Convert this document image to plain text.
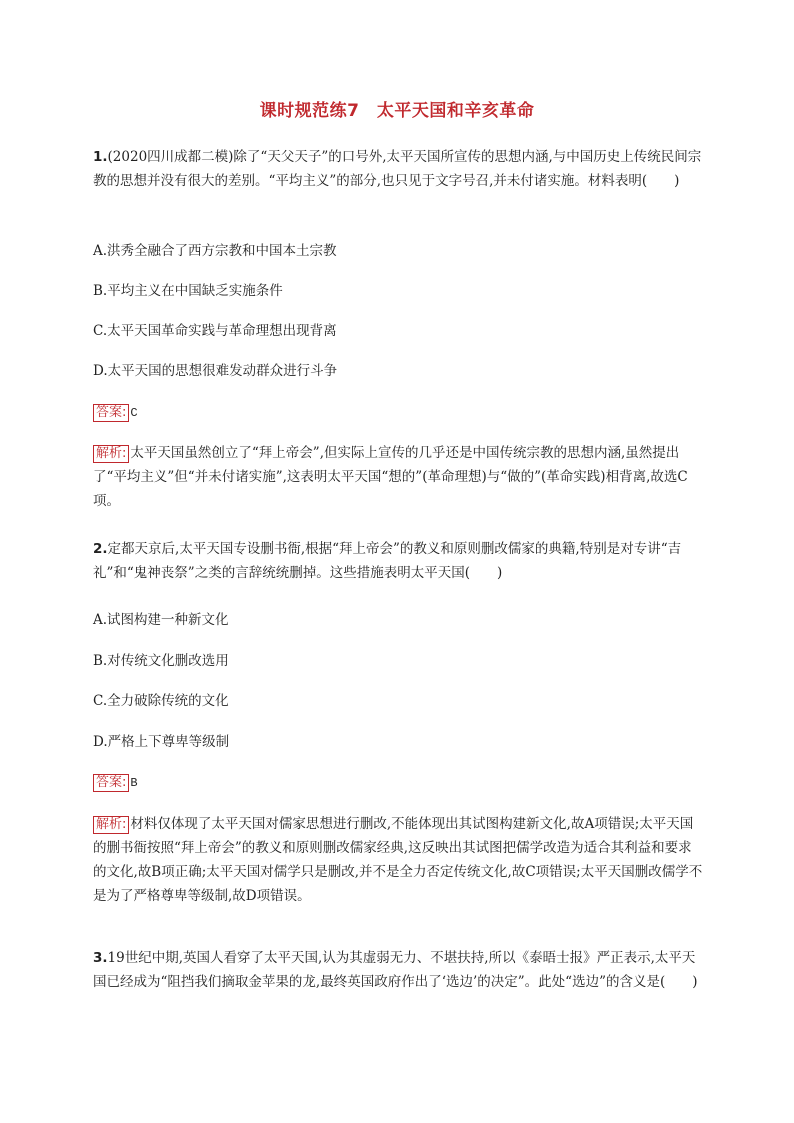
课时规范练7　太平天国和辛亥革命

1.(2020四川成都二模)除了“天父天子”的口号外,太平天国所宣传的思想内涵,与中国历史上传统民间宗教的思想并没有很大的差别。“平均主义”的部分,也只见于文字号召,并未付诸实施。材料表明(　　)

A.洪秀全融合了西方宗教和中国本土宗教

B.平均主义在中国缺乏实施条件

C.太平天国革命实践与革命理想出现背离

D.太平天国的思想很难发动群众进行斗争

答案: C

解析: 太平天国虽然创立了“拜上帝会”,但实际上宣传的几乎还是中国传统宗教的思想内涵,虽然提出了“平均主义”但“并未付诸实施”,这表明太平天国“想的”(革命理想)与“做的”(革命实践)相背离,故选C项。

2.定都天京后,太平天国专设删书衙,根据“拜上帝会”的教义和原则删改儒家的典籍,特别是对专讲“吉礼”和“鬼神丧祭”之类的言辞统统删掉。这些措施表明太平天国(　　)

A.试图构建一种新文化

B.对传统文化删改选用

C.全力破除传统的文化

D.严格上下尊卑等级制

答案: B

解析: 材料仅体现了太平天国对儒家思想进行删改,不能体现出其试图构建新文化,故A项错误;太平天国的删书衙按照“拜上帝会”的教义和原则删改儒家经典,这反映出其试图把儒学改造为适合其利益和要求的文化,故B项正确;太平天国对儒学只是删改,并不是全力否定传统文化,故C项错误;太平天国删改儒学不是为了严格尊卑等级制,故D项错误。

3.19世纪中期,英国人看穿了太平天国,认为其虚弱无力、不堪扶持,所以《泰晤士报》严正表示,太平天国已经成为“阻挡我们摘取金苹果的龙,最终英国政府作出了‘选边’的决定”。此处“选边”的含义是(　　)
